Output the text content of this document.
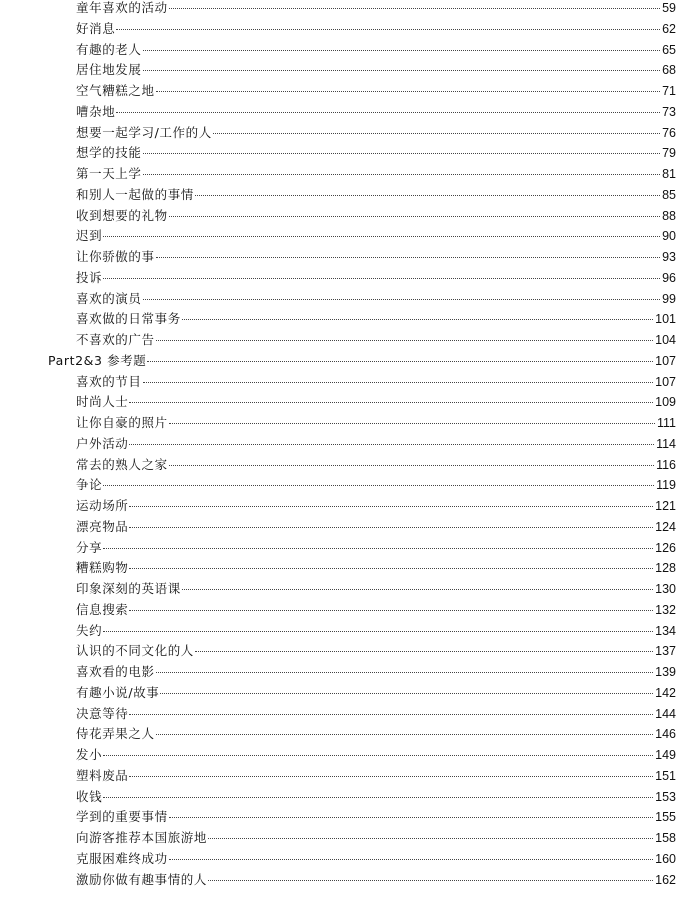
童年喜欢的活动	59
好消息	62
有趣的老人	65
居住地发展	68
空气糟糕之地	71
嘈杂地	73
想要一起学习/工作的人	76
想学的技能	79
第一天上学	81
和别人一起做的事情	85
收到想要的礼物	88
迟到	90
让你骄傲的事	93
投诉	96
喜欢的演员	99
喜欢做的日常事务	101
不喜欢的广告	104
Part2&3 参考题	107
喜欢的节目	107
时尚人士	109
让你自豪的照片	111
户外活动	114
常去的熟人之家	116
争论	119
运动场所	121
漂亮物品	124
分享	126
糟糕购物	128
印象深刻的英语课	130
信息搜索	132
失约	134
认识的不同文化的人	137
喜欢看的电影	139
有趣小说/故事	142
决意等待	144
侍花弄果之人	146
发小	149
塑料废品	151
收钱	153
学到的重要事情	155
向游客推荐本国旅游地	158
克服困难终成功	160
激励你做有趣事情的人	162
